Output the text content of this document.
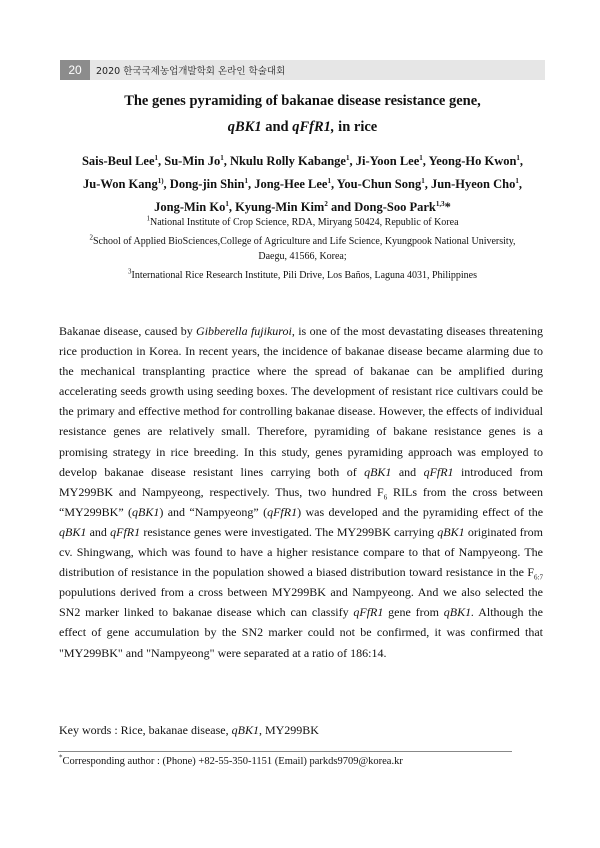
20	2020 한국국제농업개발학회 온라인 학술대회
The genes pyramiding of bakanae disease resistance gene,
qBK1 and qFfR1, in rice
Sais-Beul Lee$^1$, Su-Min Jo$^1$, Nkulu Rolly Kabange$^1$, Ji-Yoon Lee$^1$, Yeong-Ho Kwon$^1$,
Ju-Won Kang$^{1)}$, Dong-jin Shin$^1$, Jong-Hee Lee$^1$, You-Chun Song$^1$, Jun-Hyeon Cho$^1$,
Jong-Min Ko$^1$, Kyung-Min Kim$^2$ and Dong-Soo Park$^{1,3}$*
$^1$National Institute of Crop Science, RDA, Miryang 50424, Republic of Korea
$^2$School of Applied BioSciences,College of Agriculture and Life Science, Kyungpook National University,
Daegu, 41566, Korea;
$^3$International Rice Research Institute, Pili Drive, Los Baños, Laguna 4031, Philippines
Bakanae disease, caused by Gibberella fujikuroi, is one of the most devastating diseases threatening rice production in Korea. In recent years, the incidence of bakanae disease became alarming due to the mechanical transplanting practice where the spread of bakanae can be amplified during accelerating seeds growth using seeding boxes. The development of resistant rice cultivars could be the primary and effective method for controlling bakanae disease. However, the effects of individual resistance genes are relatively small. Therefore, pyramiding of bakane resistance genes is a promising strategy in rice breeding. In this study, genes pyramiding approach was employed to develop bakanae disease resistant lines carrying both of qBK1 and qFfR1 introduced from MY299BK and Nampyeong, respectively. Thus, two hundred $F_6$ RILs from the cross between “MY299BK” (qBK1) and “Nampyeong” (qFfR1) was developed and the pyramiding effect of the qBK1 and qFfR1 resistance genes were investigated. The MY299BK carrying qBK1 originated from cv. Shingwang, which was found to have a higher resistance compare to that of Nampyeong. The distribution of resistance in the population showed a biased distribution toward resistance in the $F_{6:7}$ populutions derived from a cross between MY299BK and Nampyeong. And we also selected the SN2 marker linked to bakanae disease which can classify qFfR1 gene from qBK1. Although the effect of gene accumulation by the SN2 marker could not be confirmed, it was confirmed that "MY299BK" and "Nampyeong" were separated at a ratio of 186:14.
Key words : Rice, bakanae disease, qBK1, MY299BK
*Corresponding author : (Phone) +82-55-350-1151 (Email) parkds9709@korea.kr
